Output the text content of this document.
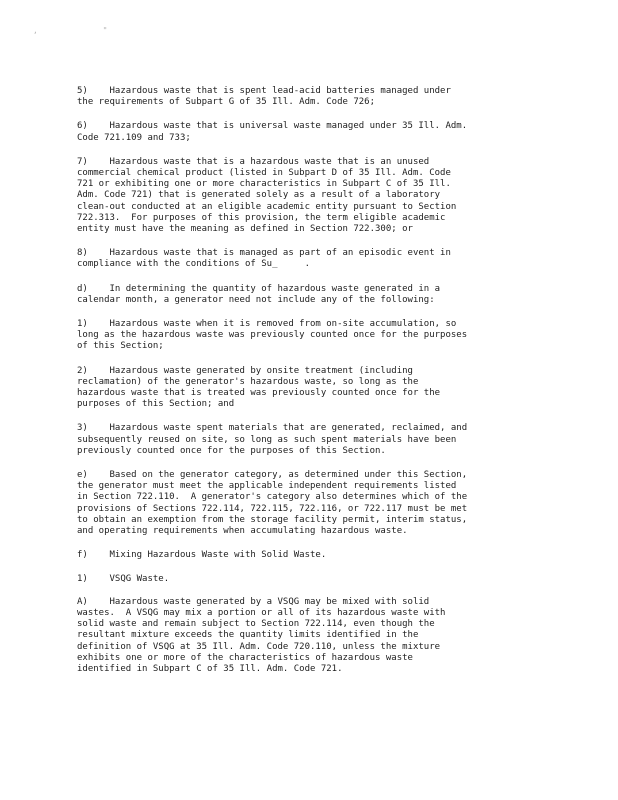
, "

5)    Hazardous waste that is spent lead-acid batteries managed under
the requirements of Subpart G of 35 Ill. Adm. Code 726;

6)    Hazardous waste that is universal waste managed under 35 Ill. Adm.
Code 721.109 and 733;

7)    Hazardous waste that is a hazardous waste that is an unused
commercial chemical product (listed in Subpart D of 35 Ill. Adm. Code
721 or exhibiting one or more characteristics in Subpart C of 35 Ill.
Adm. Code 721) that is generated solely as a result of a laboratory
clean-out conducted at an eligible academic entity pursuant to Section
722.313.  For purposes of this provision, the term eligible academic
entity must have the meaning as defined in Section 722.300; or

8)    Hazardous waste that is managed as part of an episodic event in
compliance with the conditions of Su_     .

d)    In determining the quantity of hazardous waste generated in a
calendar month, a generator need not include any of the following:

1)    Hazardous waste when it is removed from on-site accumulation, so
long as the hazardous waste was previously counted once for the purposes
of this Section;

2)    Hazardous waste generated by onsite treatment (including
reclamation) of the generator's hazardous waste, so long as the
hazardous waste that is treated was previously counted once for the
purposes of this Section; and

3)    Hazardous waste spent materials that are generated, reclaimed, and
subsequently reused on site, so long as such spent materials have been
previously counted once for the purposes of this Section.

e)    Based on the generator category, as determined under this Section,
the generator must meet the applicable independent requirements listed
in Section 722.110.  A generator's category also determines which of the
provisions of Sections 722.114, 722.115, 722.116, or 722.117 must be met
to obtain an exemption from the storage facility permit, interim status,
and operating requirements when accumulating hazardous waste.

f)    Mixing Hazardous Waste with Solid Waste.

1)    VSQG Waste.

A)    Hazardous waste generated by a VSQG may be mixed with solid
wastes.  A VSQG may mix a portion or all of its hazardous waste with
solid waste and remain subject to Section 722.114, even though the
resultant mixture exceeds the quantity limits identified in the
definition of VSQG at 35 Ill. Adm. Code 720.110, unless the mixture
exhibits one or more of the characteristics of hazardous waste
identified in Subpart C of 35 Ill. Adm. Code 721.
